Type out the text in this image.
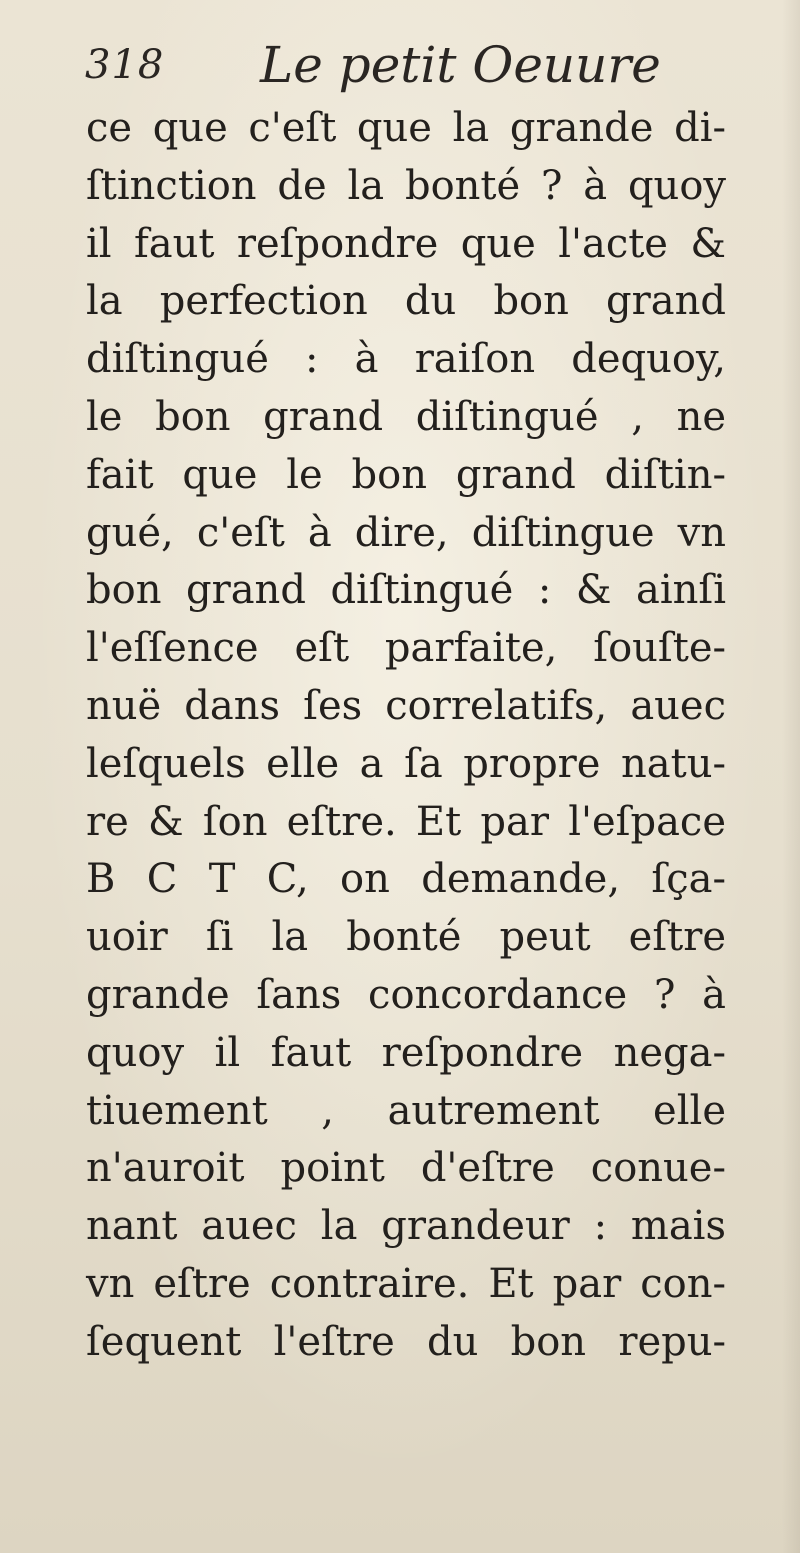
318 Le petit Oeuure
ce que c'eſt que la grande di-
ſtinction de la bonté ? à quoy
il faut reſpondre que l'acte &
la perfection du bon grand
diſtingué : à raiſon dequoy,
le bon grand diſtingué , ne
fait que le bon grand diſtin-
gué, c'eſt à dire, diſtingue vn
bon grand diſtingué : & ainſi
l'eſſence eſt parfaite, ſouſte-
nuë dans ſes correlatifs, auec
leſquels elle a ſa propre natu-
re & ſon eſtre. Et par l'eſpace
B C T C, on demande, ſça-
uoir ſi la bonté peut eſtre
grande ſans concordance ? à
quoy il faut reſpondre nega-
tiuement , autrement elle
n'auroit point d'eſtre conue-
nant auec la grandeur : mais
vn eſtre contraire. Et par con-
ſequent l'eſtre du bon repu-
